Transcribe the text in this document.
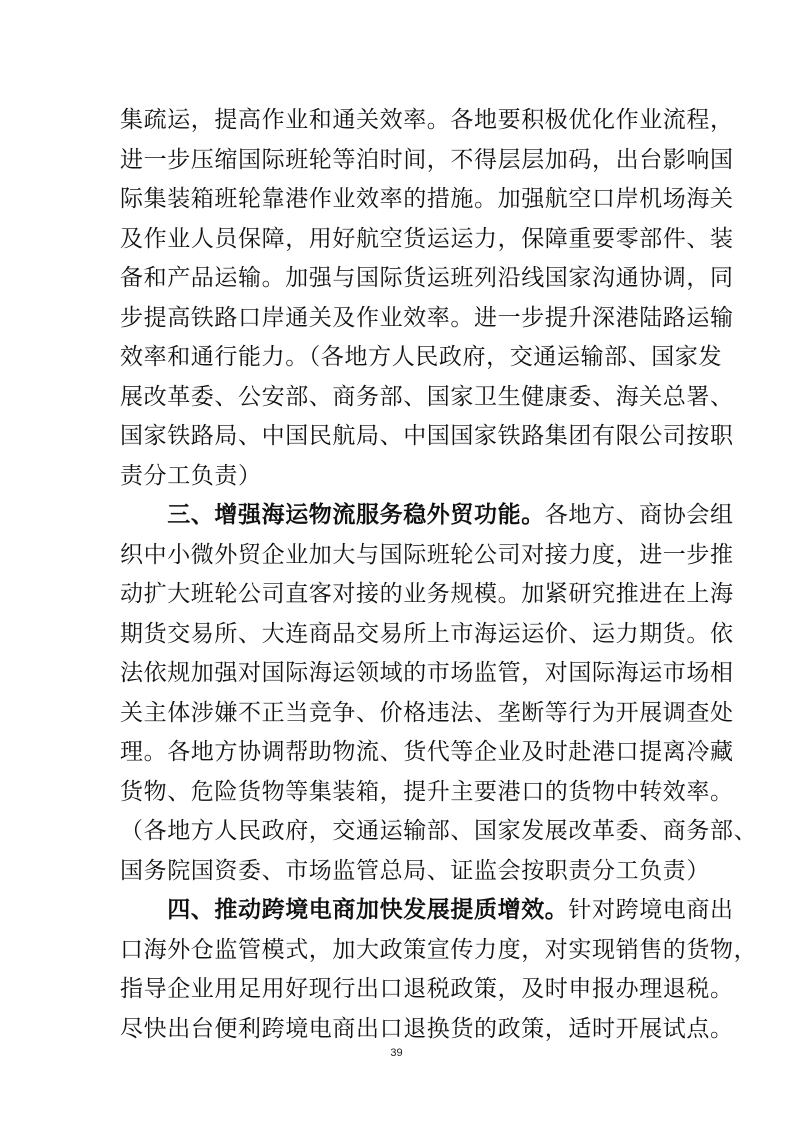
集疏运，提高作业和通关效率。各地要积极优化作业流程，
进一步压缩国际班轮等泊时间，不得层层加码，出台影响国
际集装箱班轮靠港作业效率的措施。加强航空口岸机场海关
及作业人员保障，用好航空货运运力，保障重要零部件、装
备和产品运输。加强与国际货运班列沿线国家沟通协调，同
步提高铁路口岸通关及作业效率。进一步提升深港陆路运输
效率和通行能力。（各地方人民政府，交通运输部、国家发
展改革委、公安部、商务部、国家卫生健康委、海关总署、
国家铁路局、中国民航局、中国国家铁路集团有限公司按职
责分工负责）
　　三、增强海运物流服务稳外贸功能。各地方、商协会组
织中小微外贸企业加大与国际班轮公司对接力度，进一步推
动扩大班轮公司直客对接的业务规模。加紧研究推进在上海
期货交易所、大连商品交易所上市海运运价、运力期货。依
法依规加强对国际海运领域的市场监管，对国际海运市场相
关主体涉嫌不正当竞争、价格违法、垄断等行为开展调查处
理。各地方协调帮助物流、货代等企业及时赴港口提离冷藏
货物、危险货物等集装箱，提升主要港口的货物中转效率。
（各地方人民政府，交通运输部、国家发展改革委、商务部、
国务院国资委、市场监管总局、证监会按职责分工负责）
　　四、推动跨境电商加快发展提质增效。针对跨境电商出
口海外仓监管模式，加大政策宣传力度，对实现销售的货物，
指导企业用足用好现行出口退税政策，及时申报办理退税。
尽快出台便利跨境电商出口退换货的政策，适时开展试点。
39
